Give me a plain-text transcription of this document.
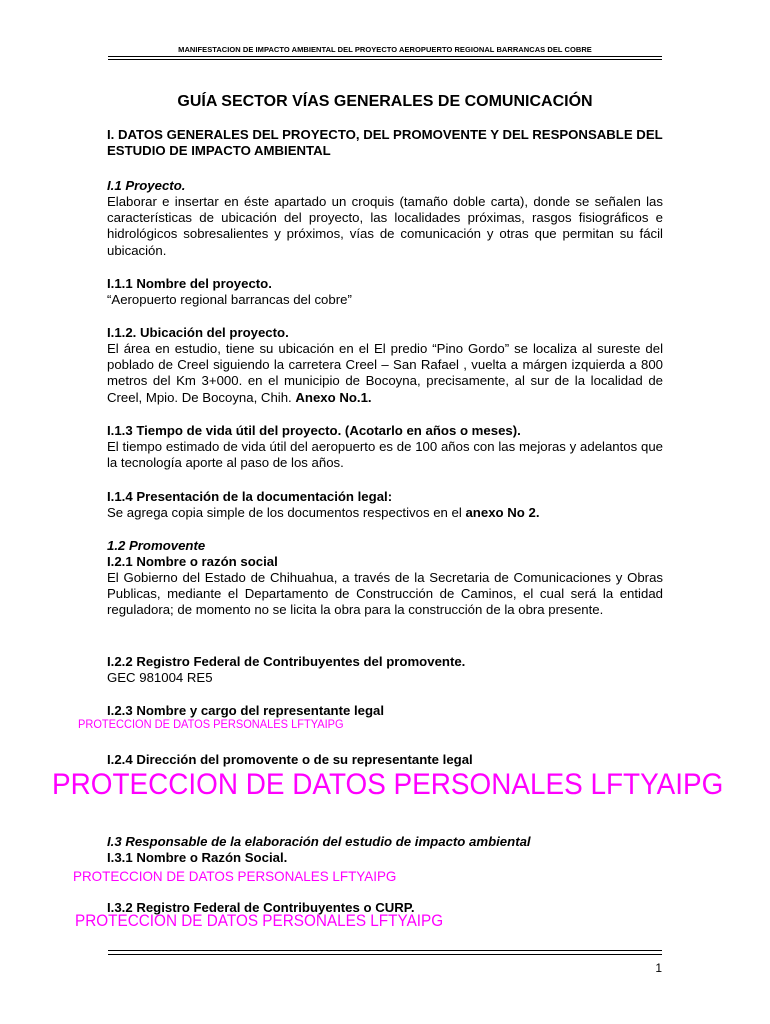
MANIFESTACION DE IMPACTO AMBIENTAL DEL PROYECTO AEROPUERTO REGIONAL BARRANCAS DEL COBRE
GUÍA SECTOR VÍAS GENERALES DE COMUNICACIÓN
I. DATOS GENERALES DEL PROYECTO, DEL PROMOVENTE Y DEL RESPONSABLE DEL ESTUDIO DE IMPACTO AMBIENTAL
I.1 Proyecto.
Elaborar e insertar en éste apartado un croquis (tamaño doble carta), donde se señalen las características de ubicación del proyecto, las localidades próximas, rasgos fisiográficos e hidrológicos sobresalientes y próximos, vías de comunicación y otras que permitan su fácil ubicación.
I.1.1 Nombre del proyecto.
“Aeropuerto regional barrancas del cobre”
I.1.2. Ubicación del proyecto.
El área en estudio, tiene su ubicación en el El predio “Pino Gordo” se localiza al sureste del poblado de Creel siguiendo la carretera Creel – San Rafael , vuelta a márgen izquierda a 800 metros del Km 3+000. en el municipio de Bocoyna, precisamente, al sur de la localidad de Creel, Mpio. De Bocoyna, Chih. Anexo No.1.
I.1.3 Tiempo de vida útil del proyecto. (Acotarlo en años o meses).
El tiempo estimado de vida útil del aeropuerto es de 100 años con las mejoras y adelantos que la tecnología aporte al paso de los años.
I.1.4 Presentación de la documentación legal:
Se agrega copia simple de los documentos respectivos en el anexo No 2.
1.2 Promovente
I.2.1 Nombre o razón social
El Gobierno del Estado de Chihuahua, a través de la Secretaria de Comunicaciones y Obras Publicas, mediante el Departamento de Construcción de Caminos, el cual será la entidad reguladora; de momento no se licita la obra para la construcción de la obra presente.
I.2.2 Registro Federal de Contribuyentes del promovente.
GEC 981004 RE5
I.2.3 Nombre y cargo del representante legal
PROTECCION DE DATOS PERSONALES LFTYAIPG
I.2.4 Dirección del promovente o de su representante legal
PROTECCION DE DATOS PERSONALES LFTYAIPG
I.3 Responsable de la elaboración del estudio de impacto ambiental
I.3.1 Nombre o Razón Social.
PROTECCION DE DATOS PERSONALES LFTYAIPG
I.3.2 Registro Federal de Contribuyentes o CURP.
PROTECCION DE DATOS PERSONALES LFTYAIPG
1
